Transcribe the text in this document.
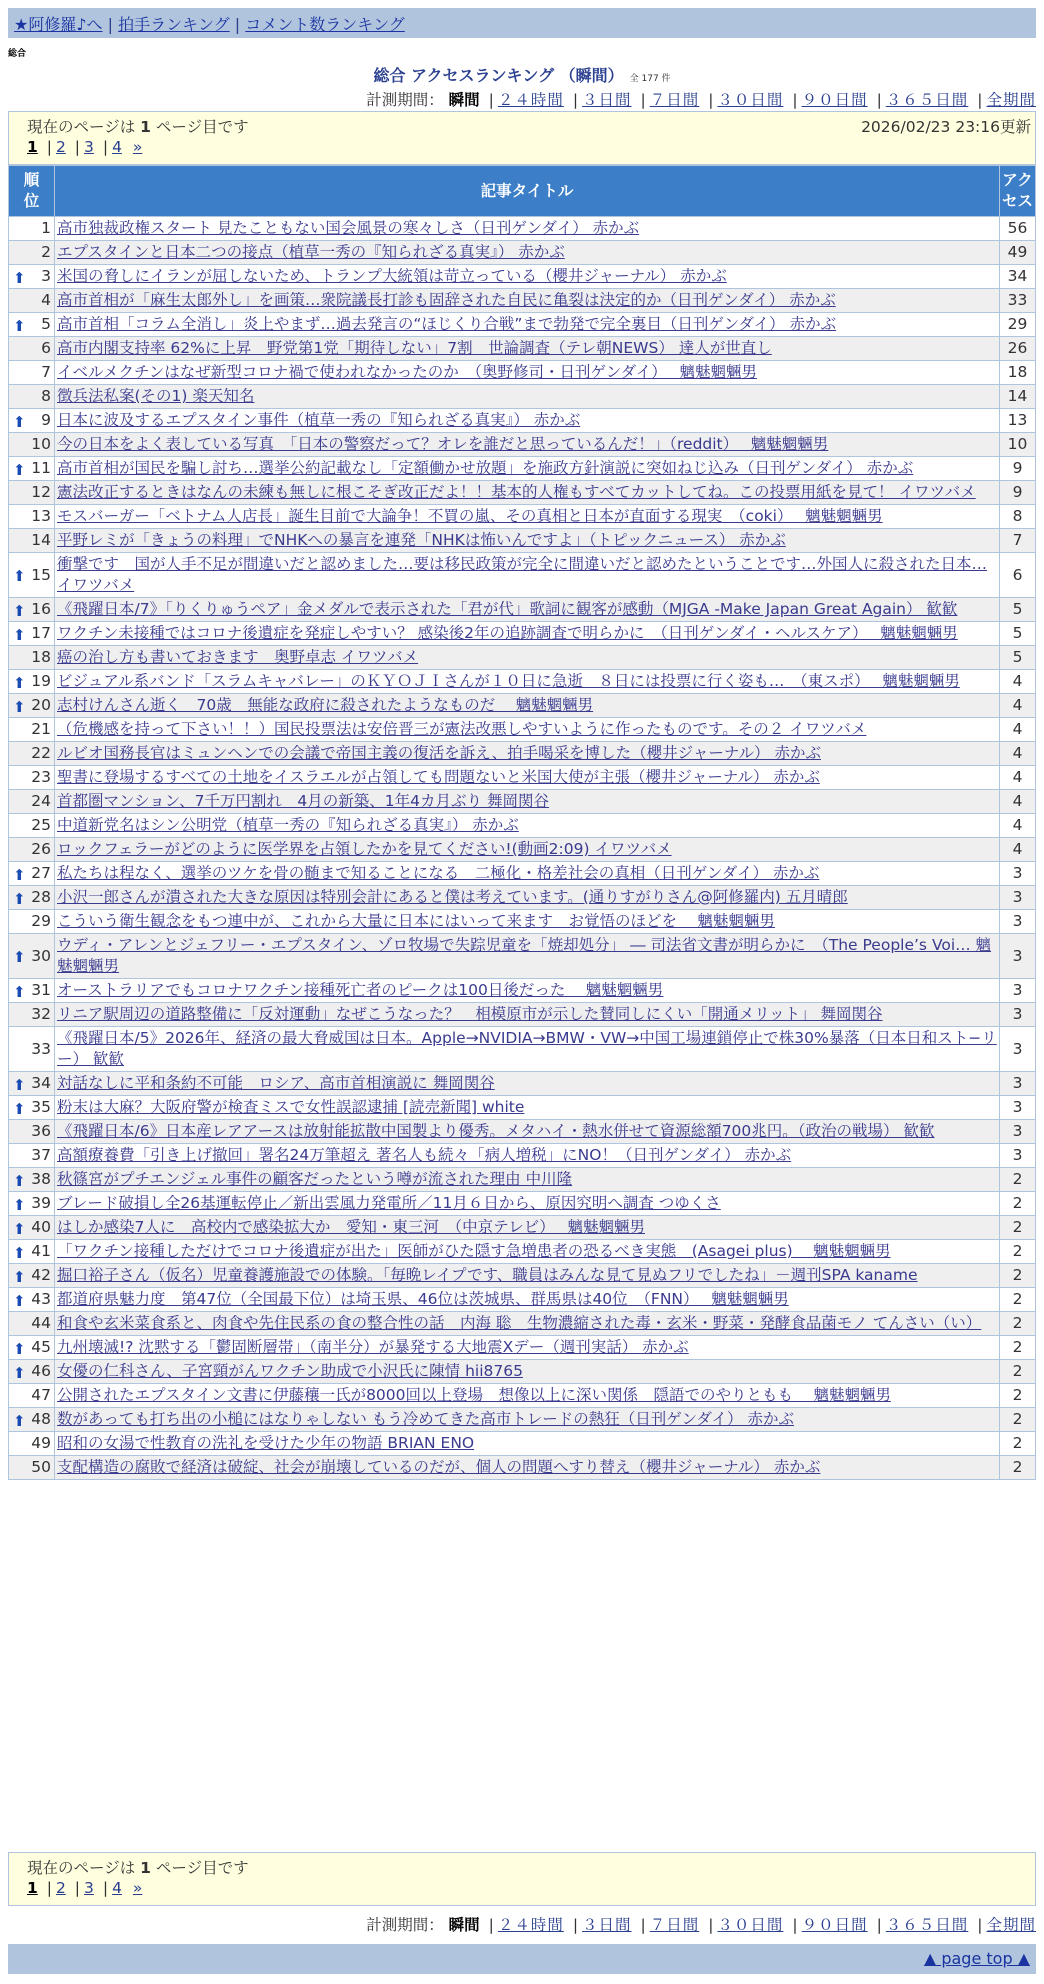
★阿修羅♪へ | 拍手ランキング | コメント数ランキング
総合
総合 アクセスランキング （瞬間） 全 177 件
計測期間： 瞬間 | ２４時間 | ３日間 | ７日間 | ３０日間 | ９０日間 | ３６５日間 | 全期間
現在のページは 1 ページ目です	2026/02/23 23:16更新
1 | 2 | 3 | 4 »
順位	記事タイトル	アクセス

1	高市独裁政権スタート 見たこともない国会風景の寒々しさ（日刊ゲンダイ） 赤かぶ	56
2	エプスタインと日本二つの接点（植草一秀の『知られざる真実』） 赤かぶ	49

⬆ 3	米国の脅しにイランが屈しないため、トランプ大統領は苛立っている（櫻井ジャーナル） 赤かぶ	34
4	高市首相が「麻生太郎外し」を画策…衆院議長打診も固辞された自民に亀裂は決定的か（日刊ゲンダイ） 赤かぶ	33

⬆ 5	高市首相「コラム全消し」炎上やまず…過去発言の“ほじくり合戦”まで勃発で完全裏目（日刊ゲンダイ） 赤かぶ	29
6	高市内閣支持率 62%に上昇　野党第1党「期待しない」7割　世論調査（テレ朝NEWS） 達人が世直し	26
7	イベルメクチンはなぜ新型コロナ禍で使われなかったのか　（奥野修司・日刊ゲンダイ）　 魑魅魍魎男	18
8	徴兵法私案(その1) 楽天知名	14

⬆ 9	日本に波及するエプスタイン事件（植草一秀の『知られざる真実』） 赤かぶ	13
10	今の日本をよく表している写真　「日本の警察だって？オレを誰だと思っているんだ！」（reddit）　 魑魅魍魎男	10

⬆ 11	高市首相が国民を騙し討ち…選挙公約記載なし「定額働かせ放題」を施政方針演説に突如ねじ込み（日刊ゲンダイ） 赤かぶ	9
12	憲法改正するときはなんの未練も無しに根こそぎ改正だよ！！基本的人権もすべてカットしてね。この投票用紙を見て！ イワツバメ	9
13	モスバーガー「ベトナム人店長」誕生目前で大論争！不買の嵐、その真相と日本が直面する現実　（coki）　 魑魅魍魎男	8
14	平野レミが「きょうの料理」でNHKへの暴言を連発「NHKは怖いんですよ」（トピックニュース） 赤かぶ	7

⬆ 15	衝撃です　国が人手不足が間違いだと認めました…要は移民政策が完全に間違いだと認めたということです…外国人に殺された日本… イワツバメ	6

⬆ 16	《飛躍日本/7》「りくりゅうペア」金メダルで表示された「君が代」歌詞に観客が感動（MJGA -Make Japan Great Again） 歓歓	5

⬆ 17	ワクチン未接種ではコロナ後遺症を発症しやすい？ 感染後2年の追跡調査で明らかに　（日刊ゲンダイ・ヘルスケア）　 魑魅魍魎男	5
18	癌の治し方も書いておきます　奥野卓志 イワツバメ	5

⬆ 19	ビジュアル系バンド「スラムキャバレー」のＫＹＯＪＩさんが１０日に急逝　８日には投票に行く姿も…　（東スポ）　 魑魅魍魎男	4

⬆ 20	志村けんさん逝く　70歳　無能な政府に殺されたようなものだ　 魑魅魍魎男	4
21	（危機感を持って下さい！！）国民投票法は安倍晋三が憲法改悪しやすいように作ったものです。その２ イワツバメ	4
22	ルビオ国務長官はミュンヘンでの会議で帝国主義の復活を訴え、拍手喝采を博した（櫻井ジャーナル） 赤かぶ	4
23	聖書に登場するすべての土地をイスラエルが占領しても問題ないと米国大使が主張（櫻井ジャーナル） 赤かぶ	4
24	首都圏マンション、7千万円割れ　4月の新築、1年4カ月ぶり 舞岡関谷	4
25	中道新党名はシン公明党（植草一秀の『知られざる真実』） 赤かぶ	4
26	ロックフェラーがどのように医学界を占領したかを見てください!(動画2:09) イワツバメ	4

⬆ 27	私たちは程なく、選挙のツケを骨の髄まで知ることになる　二極化・格差社会の真相（日刊ゲンダイ） 赤かぶ	3

⬆ 28	小沢一郎さんが潰された大きな原因は特別会計にあると僕は考えています。(通りすがりさん@阿修羅内) 五月晴郎	3
29	こういう衛生観念をもつ連中が、これから大量に日本にはいって来ます　お覚悟のほどを　 魑魅魍魎男	3

⬆ 30	ウディ・アレンとジェフリー・エプスタイン、ゾロ牧場で失踪児童を「焼却処分」 ― 司法省文書が明らかに　（The People’s Voi… 魑魅魍魎男	3

⬆ 31	オーストラリアでもコロナワクチン接種死亡者のピークは100日後だった　 魑魅魍魎男	3
32	リニア駅周辺の道路整備に「反対運動」なぜこうなった？　相模原市が示した賛同しにくい「開通メリット」 舞岡関谷	3
33	《飛躍日本/5》2026年、経済の最大脅威国は日本。Apple→NVIDIA→BMW・VW→中国工場連鎖停止で株30%暴落（日本日和スト−リー） 歓歓	3

⬆ 34	対話なしに平和条約不可能　ロシア、高市首相演説に 舞岡関谷	3

⬆ 35	粉末は大麻？大阪府警が検査ミスで女性誤認逮捕 [読売新聞] white	3
36	《飛躍日本/6》日本産レアアースは放射能拡散中国製より優秀。メタハイ・熱水併せて資源総額700兆円。（政治の戦場） 歓歓	3
37	高額療養費「引き上げ撤回」署名24万筆超え 著名人も続々「病人増税」にNO！（日刊ゲンダイ） 赤かぶ	3

⬆ 38	秋篠宮がプチエンジェル事件の顧客だったという噂が流された理由 中川隆	2

⬆ 39	ブレード破損し全26基運転停止／新出雲風力発電所／11月６日から、原因究明へ調査 つゆくさ	2

⬆ 40	はしか感染7人に　高校内で感染拡大か　愛知・東三河　（中京テレビ）　 魑魅魍魎男	2

⬆ 41	「ワクチン接種しただけでコロナ後遺症が出た」医師がひた隠す急増患者の恐るべき実態　(Asagei plus)　 魑魅魍魎男	2

⬆ 42	掘口裕子さん（仮名）児童養護施設での体験。「毎晩レイプです、職員はみんな見て見ぬフリでしたね」－週刊SPA kaname	2

⬆ 43	都道府県魅力度　第47位（全国最下位）は埼玉県、46位は茨城県、群馬県は40位　（FNN）　 魑魅魍魎男	2
44	和食や玄米菜食系と、肉食や先住民系の食の整合性の話　内海 聡　生物濃縮された毒・玄米・野菜・発酵食品菌モノ てんさい（い）	2

⬆ 45	九州壊滅!? 沈黙する「鬱固断層帯」（南半分）が暴発する大地震Xデー（週刊実話） 赤かぶ	2

⬆ 46	女優の仁科さん、子宮頸がんワクチン助成で小沢氏に陳情 hii8765	2
47	公開されたエプスタイン文書に伊藤穰一氏が8000回以上登場　想像以上に深い関係　隠語でのやりともも　 魑魅魍魎男	2

⬆ 48	数があっても打ち出の小槌にはなりゃしない もう冷めてきた高市トレードの熱狂（日刊ゲンダイ） 赤かぶ	2
49	昭和の女湯で性教育の洗礼を受けた少年の物語 BRIAN ENO	2
50	支配構造の腐敗で経済は破綻、社会が崩壊しているのだが、個人の問題へすり替え（櫻井ジャーナル） 赤かぶ	2
現在のページは 1 ページ目です
1 | 2 | 3 | 4 »
計測期間： 瞬間 | ２４時間 | ３日間 | ７日間 | ３０日間 | ９０日間 | ３６５日間 | 全期間
▲ page top ▲
